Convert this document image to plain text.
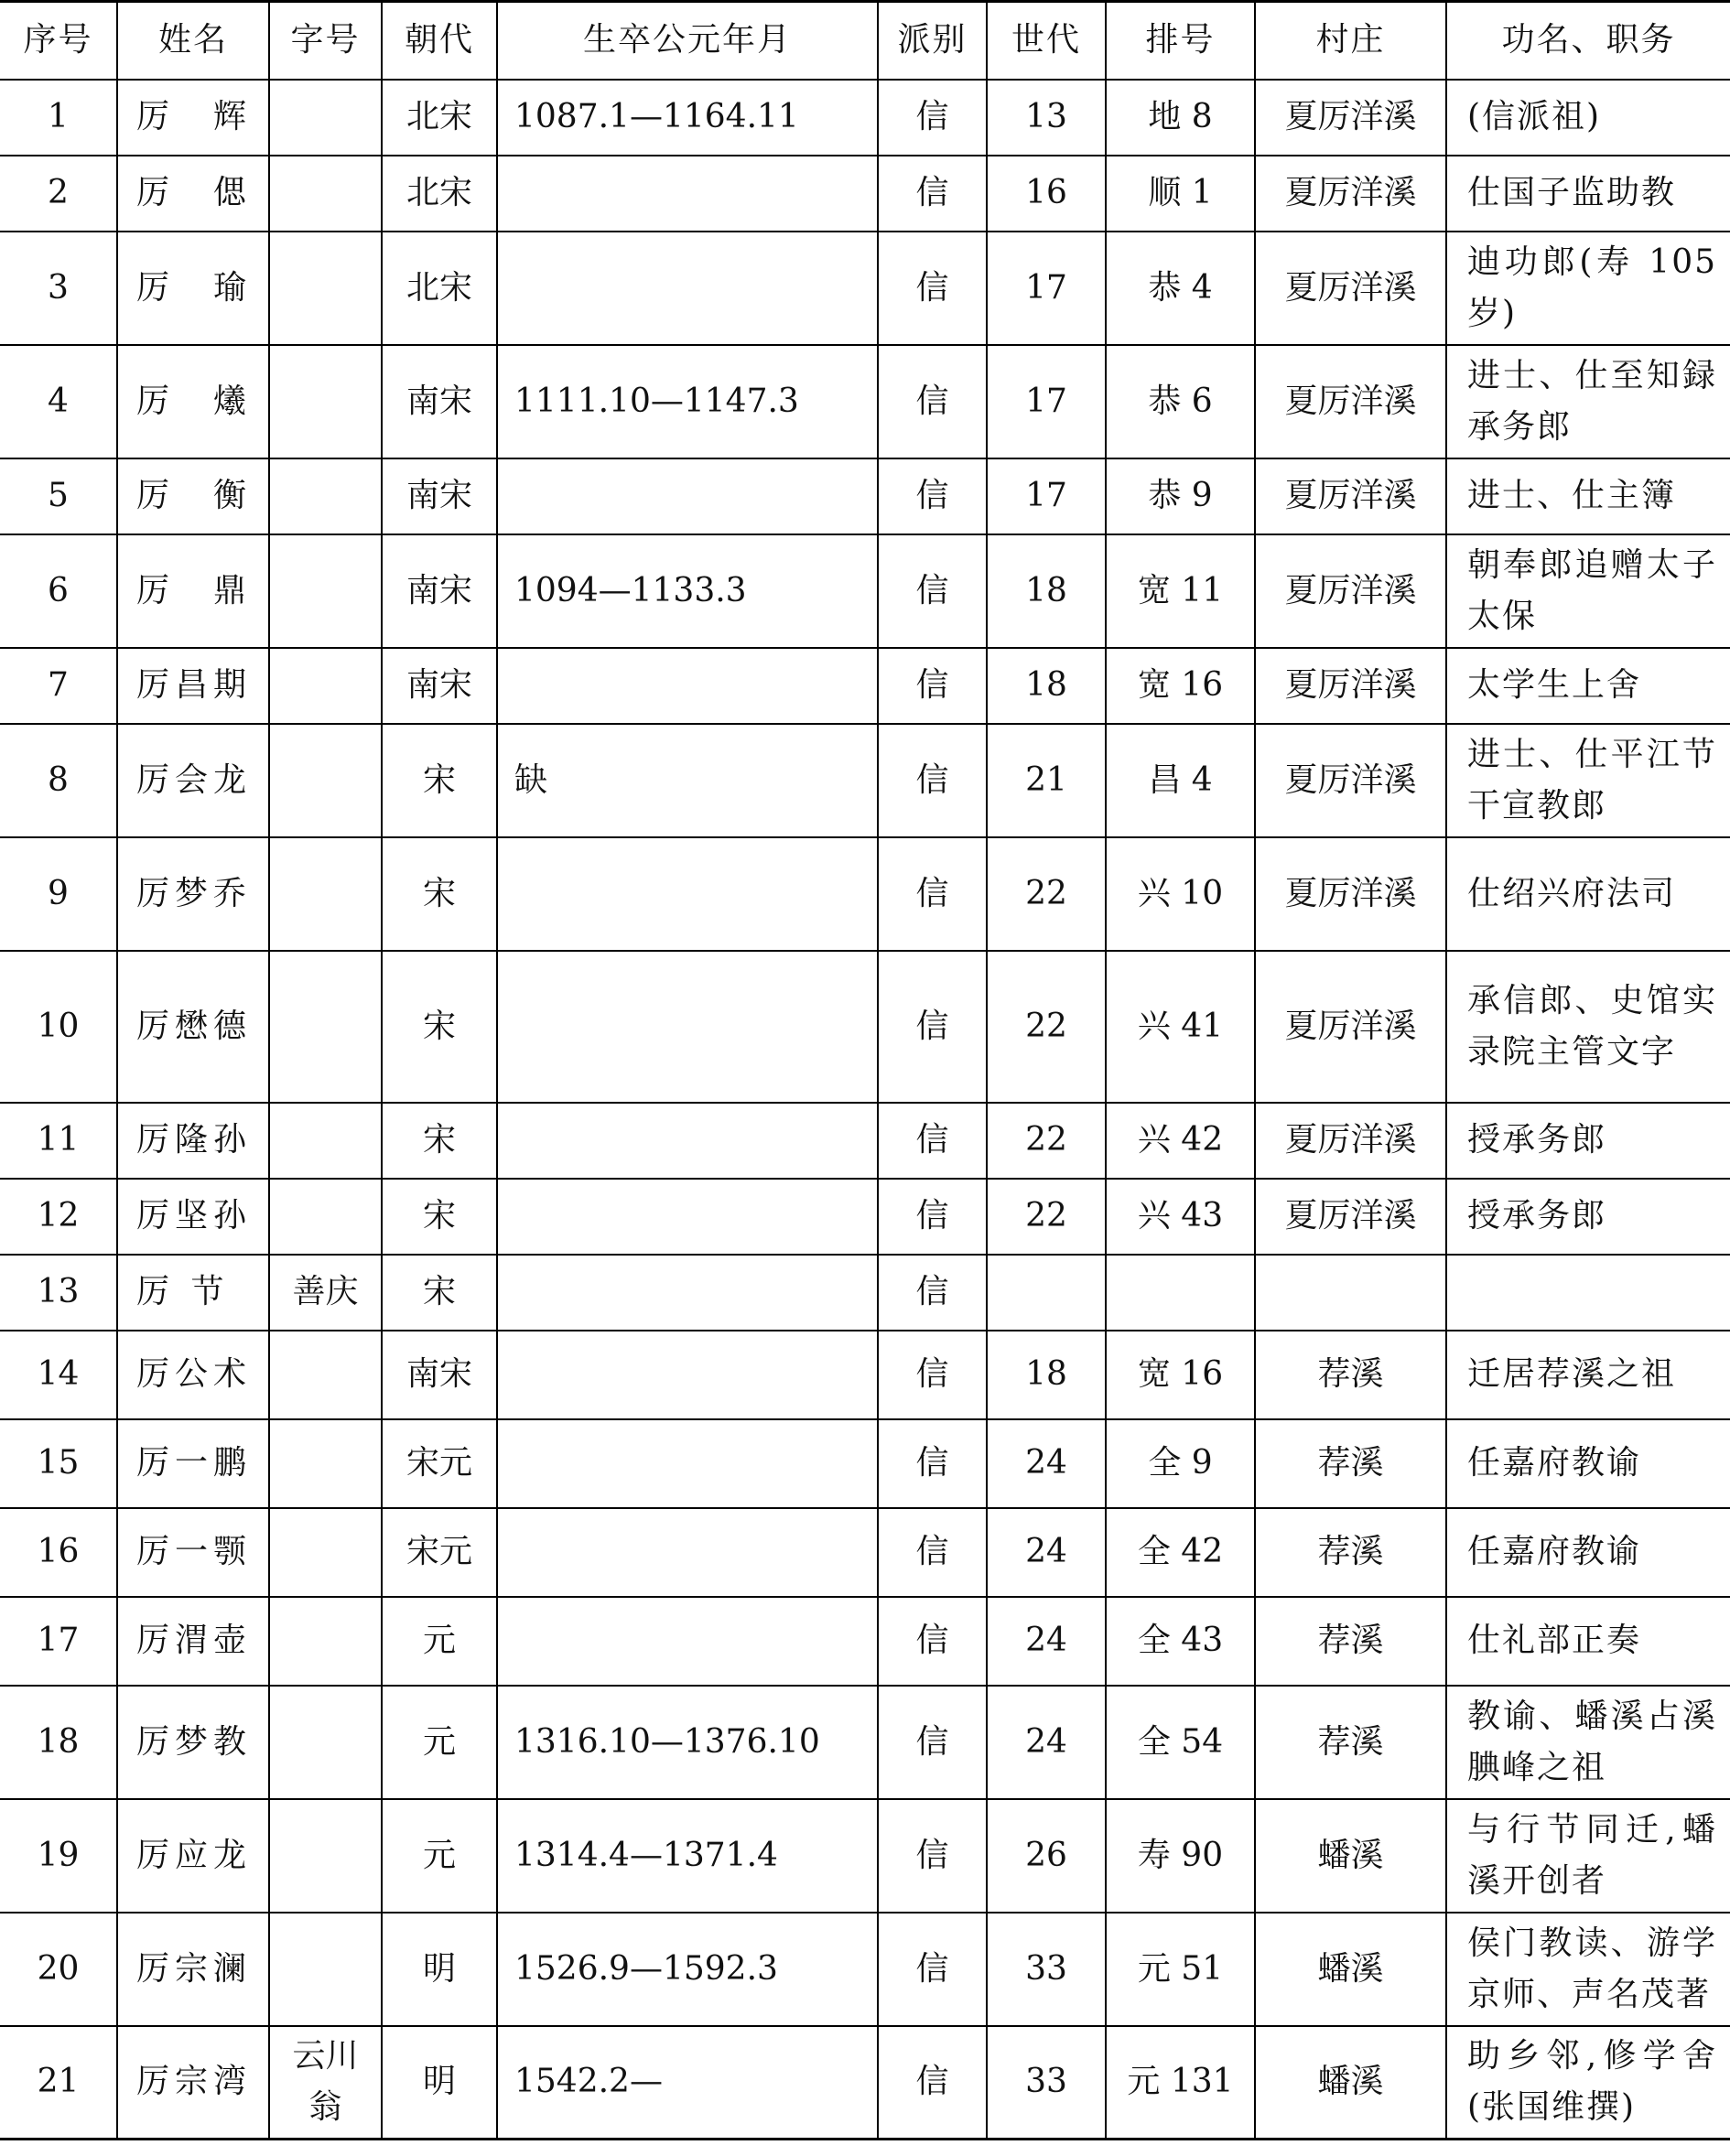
序号	姓名	字号	朝代	生卒公元年月	派别	世代	排号	村庄	功名、职务
1	厉　辉		北宋	1087.1—1164.11	信	13	地 8	夏厉洋溪	(信派祖)
2	厉　偲		北宋		信	16	顺 1	夏厉洋溪	仕国子监助教
3	厉　瑜		北宋		信	17	恭 4	夏厉洋溪	迪功郎(寿 105 岁)
4	厉　爔		南宋	1111.10—1147.3	信	17	恭 6	夏厉洋溪	进士、仕至知録承务郎
5	厉　衡		南宋		信	17	恭 9	夏厉洋溪	进士、仕主簿
6	厉　鼎		南宋	1094—1133.3	信	18	宽 11	夏厉洋溪	朝奉郎追赠太子太保
7	厉昌期		南宋		信	18	宽 16	夏厉洋溪	太学生上舍
8	厉会龙		宋	缺	信	21	昌 4	夏厉洋溪	进士、仕平江节干宣教郎
9	厉梦乔		宋		信	22	兴 10	夏厉洋溪	仕绍兴府法司
10	厉懋德		宋		信	22	兴 41	夏厉洋溪	承信郎、史馆实录院主管文字
11	厉隆孙		宋		信	22	兴 42	夏厉洋溪	授承务郎
12	厉坚孙		宋		信	22	兴 43	夏厉洋溪	授承务郎
13	厉 节	善庆	宋		信				
14	厉公术		南宋		信	18	宽 16	荐溪	迁居荐溪之祖
15	厉一鹏		宋元		信	24	全 9	荐溪	任嘉府教谕
16	厉一颚		宋元		信	24	全 42	荐溪	任嘉府教谕
17	厉渭壶		元		信	24	全 43	荐溪	仕礼部正奏
18	厉梦教		元	1316.10—1376.10	信	24	全 54	荐溪	教谕、蟠溪占溪腆峰之祖
19	厉应龙		元	1314.4—1371.4	信	26	寿 90	蟠溪	与行节同迁,蟠溪开创者
20	厉宗澜		明	1526.9—1592.3	信	33	元 51	蟠溪	侯门教读、游学京师、声名茂著
21	厉宗湾	云川翁	明	1542.2—	信	33	元 131	蟠溪	助乡邻,修学舍(张国维撰)
